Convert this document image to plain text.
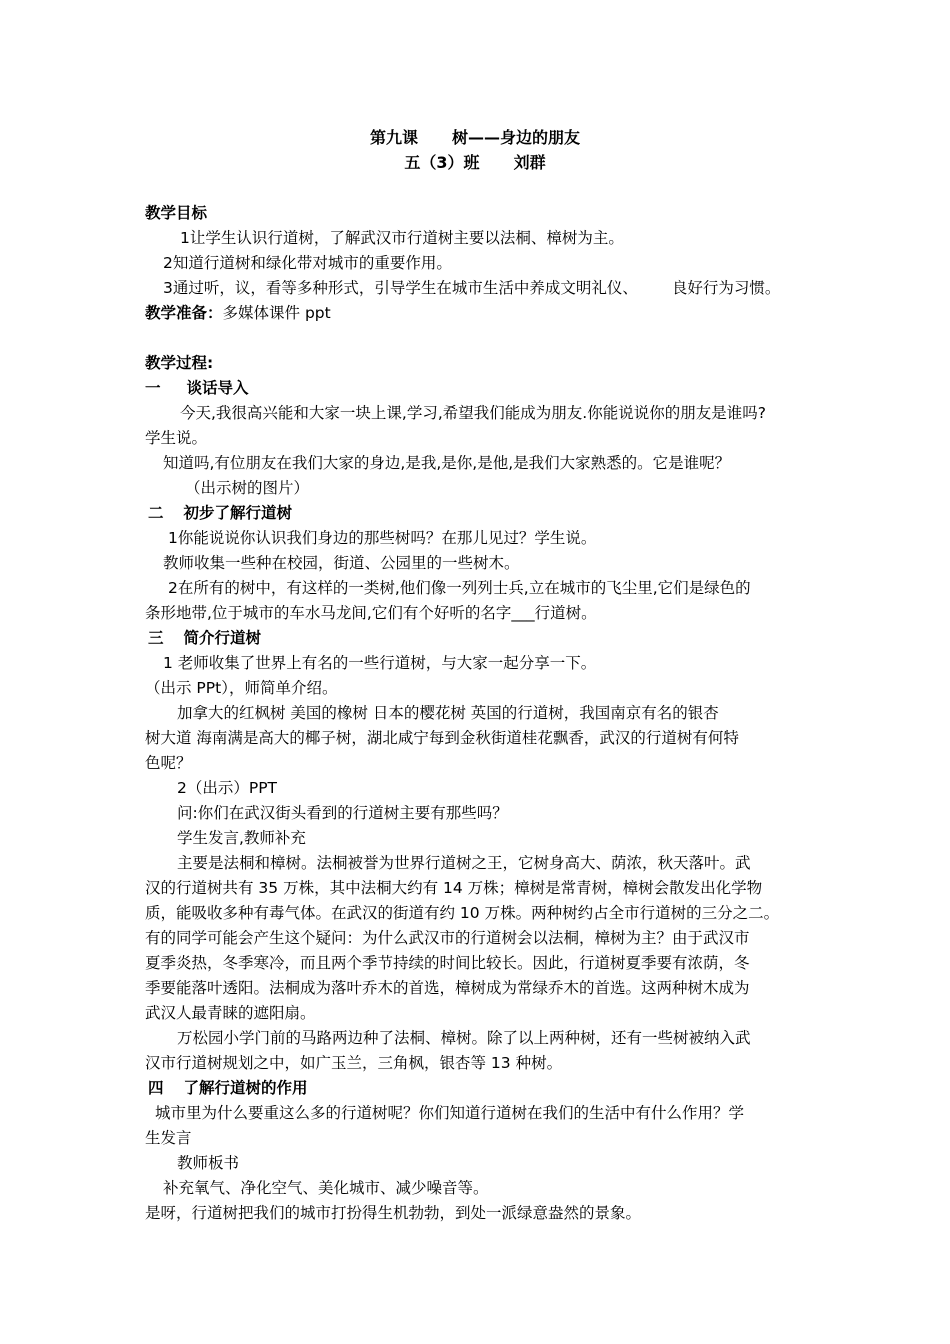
第九课 树——身边的朋友
五（3）班 刘群
教学目标
1让学生认识行道树，了解武汉市行道树主要以法桐、樟树为主。
2知道行道树和绿化带对城市的重要作用。
3通过听，议，看等多种形式，引导学生在城市生活中养成文明礼仪、 良好行为习惯。
教学准备：多媒体课件 ppt
教学过程:
一 谈话导入
今天,我很高兴能和大家一块上课,学习,希望我们能成为朋友.你能说说你的朋友是谁吗?
学生说。
知道吗,有位朋友在我们大家的身边,是我,是你,是他,是我们大家熟悉的。它是谁呢？
（出示树的图片）
二 初步了解行道树
1你能说说你认识我们身边的那些树吗？在那儿见过？学生说。
教师收集一些种在校园，街道、公园里的一些树木。
2在所有的树中，有这样的一类树,他们像一列列士兵,立在城市的飞尘里,它们是绿色的
条形地带,位于城市的车水马龙间,它们有个好听的名字___行道树。
三 简介行道树
1 老师收集了世界上有名的一些行道树，与大家一起分享一下。
（出示 PPt），师简单介绍。
加拿大的红枫树 美国的橡树 日本的樱花树 英国的行道树，我国南京有名的银杏
树大道 海南满是高大的椰子树，湖北咸宁每到金秋街道桂花飘香，武汉的行道树有何特
色呢？
2（出示）PPT
问:你们在武汉街头看到的行道树主要有那些吗？
学生发言,教师补充
主要是法桐和樟树。法桐被誉为世界行道树之王，它树身高大、荫浓，秋天落叶。武
汉的行道树共有 35 万株，其中法桐大约有 14 万株；樟树是常青树，樟树会散发出化学物
质，能吸收多种有毒气体。在武汉的街道有约 10 万株。两种树约占全市行道树的三分之二。
有的同学可能会产生这个疑问：为什么武汉市的行道树会以法桐，樟树为主？由于武汉市
夏季炎热，冬季寒冷，而且两个季节持续的时间比较长。因此，行道树夏季要有浓荫，冬
季要能落叶透阳。法桐成为落叶乔木的首选，樟树成为常绿乔木的首选。这两种树木成为
武汉人最青睐的遮阳扇。
万松园小学门前的马路两边种了法桐、樟树。除了以上两种树，还有一些树被纳入武
汉市行道树规划之中，如广玉兰，三角枫，银杏等 13 种树。
四 了解行道树的作用
城市里为什么要重这么多的行道树呢？你们知道行道树在我们的生活中有什么作用？学
生发言
教师板书
补充氧气、净化空气、美化城市、减少噪音等。
是呀，行道树把我们的城市打扮得生机勃勃，到处一派绿意盎然的景象。
